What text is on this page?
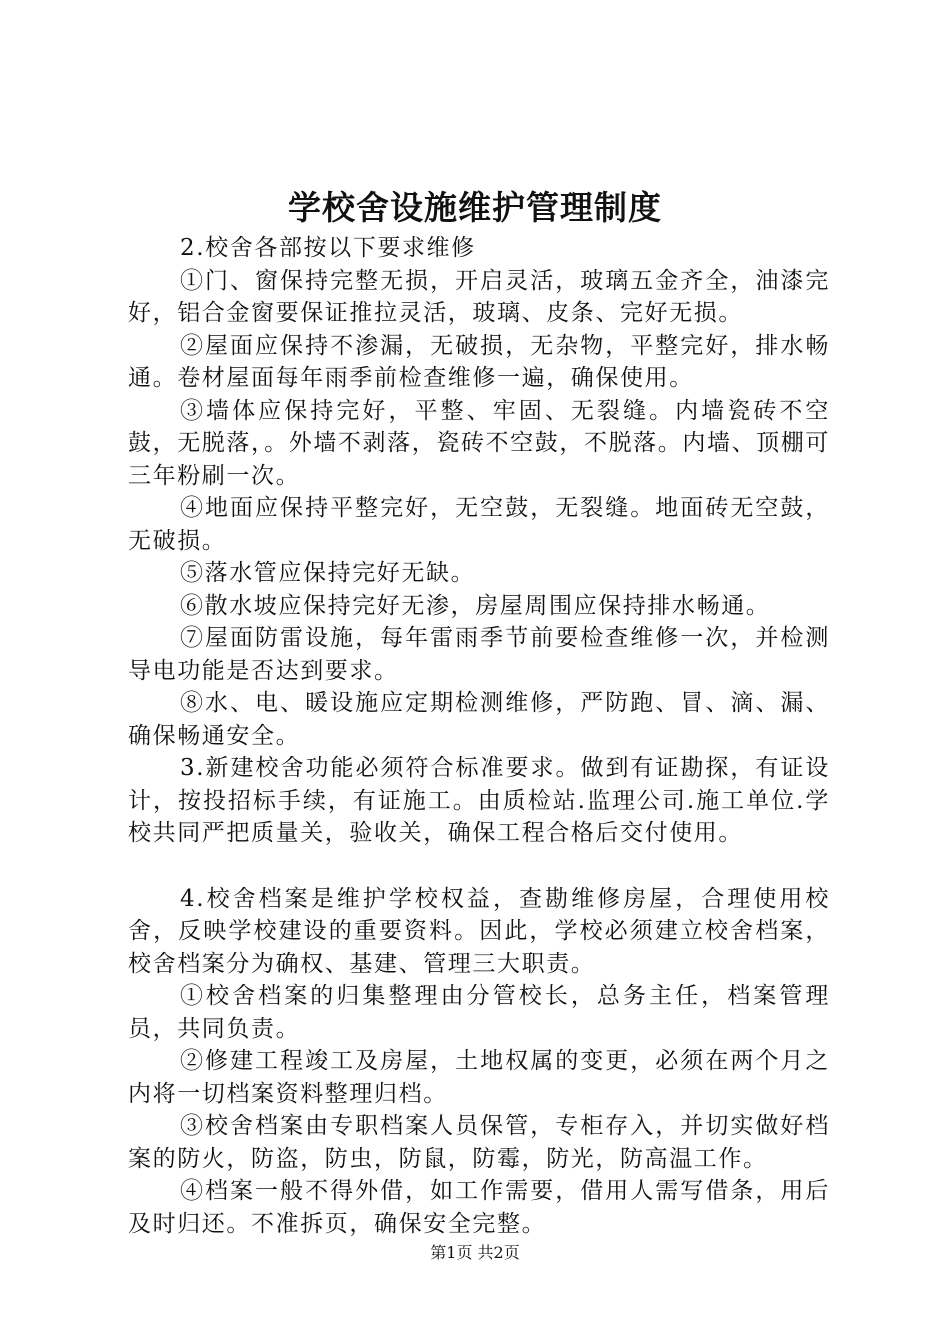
学校舍设施维护管理制度

2.校舍各部按以下要求维修

①门、窗保持完整无损，开启灵活，玻璃五金齐全，油漆完好，铝合金窗要保证推拉灵活，玻璃、皮条、完好无损。

②屋面应保持不渗漏，无破损，无杂物，平整完好，排水畅通。卷材屋面每年雨季前检查维修一遍，确保使用。

③墙体应保持完好，平整、牢固、无裂缝。内墙瓷砖不空鼓，无脱落，。外墙不剥落，瓷砖不空鼓，不脱落。内墙、顶棚可三年粉刷一次。

④地面应保持平整完好，无空鼓，无裂缝。地面砖无空鼓，无破损。

⑤落水管应保持完好无缺。

⑥散水坡应保持完好无渗，房屋周围应保持排水畅通。

⑦屋面防雷设施，每年雷雨季节前要检查维修一次，并检测导电功能是否达到要求。

⑧水、电、暖设施应定期检测维修，严防跑、冒、滴、漏、确保畅通安全。

3.新建校舍功能必须符合标准要求。做到有证勘探，有证设计，按投招标手续，有证施工。由质检站.监理公司.施工单位.学校共同严把质量关，验收关，确保工程合格后交付使用。

4.校舍档案是维护学校权益，查勘维修房屋，合理使用校舍，反映学校建设的重要资料。因此，学校必须建立校舍档案，校舍档案分为确权、基建、管理三大职责。

①校舍档案的归集整理由分管校长，总务主任，档案管理员，共同负责。

②修建工程竣工及房屋，土地权属的变更，必须在两个月之内将一切档案资料整理归档。

③校舍档案由专职档案人员保管，专柜存入，并切实做好档案的防火，防盗，防虫，防鼠，防霉，防光，防高温工作。

④档案一般不得外借，如工作需要，借用人需写借条，用后及时归还。不准拆页，确保安全完整。

第1页 共2页
